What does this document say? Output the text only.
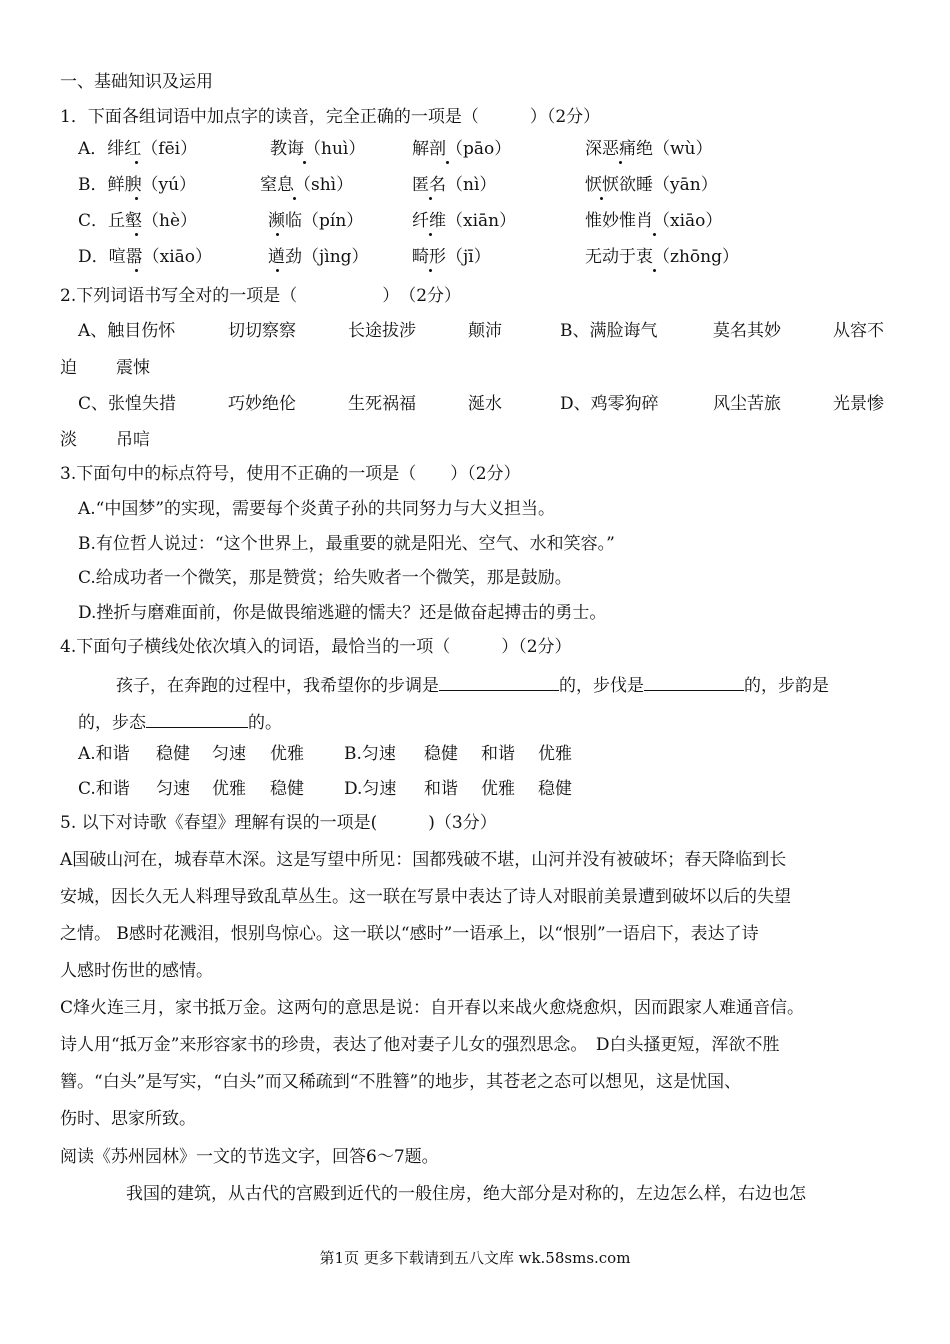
一、基础知识及运用
1．下面各组词语中加点字的读音，完全正确的一项是（　　　）（2分）
A．绯红（fēi）	教诲（huì）	解剖（pāo）	深恶痛绝（wù）
B．鲜腴（yú）	窒息（shì）	匿名（nì）	恹恹欲睡（yān）
C．丘壑（hè）	濒临（pín）	纤维（xiān）	惟妙惟肖（xiāo）
D．喧嚣（xiāo）	遒劲（jìng）	畸形（jī）	无动于衷（zhōng）
2.下列词语书写全对的一项是（　　　　　）　（2分）
A、触目伤怀	切切察察	长途拔涉	颠沛	B、满脸诲气	莫名其妙	从容不
迫 震悚
C、张惶失措	巧妙绝伦	生死祸福	涎水	D、鸡零狗碎	风尘苦旅	光景惨
淡 吊唁
3.下面句中的标点符号，使用不正确的一项是（　　）（2分）
A.“中国梦”的实现，需要每个炎黄子孙的共同努力与大义担当。
B.有位哲人说过：“这个世界上，最重要的就是阳光、空气、水和笑容。”
C.给成功者一个微笑，那是赞赏；给失败者一个微笑，那是鼓励。
D.挫折与磨难面前，你是做畏缩逃避的懦夫？还是做奋起搏击的勇士。
4.下面句子横线处依次填入的词语，最恰当的一项（　　　）（2分）
孩子，在奔跑的过程中，我希望你的步调是	的，步伐是	的，步韵是
的，步态	的。
A.和谐 稳健 匀速 优雅 B.匀速 稳健 和谐 优雅
C.和谐 匀速 优雅 稳健 D.匀速 和谐 优雅 稳健
5. 以下对诗歌《春望》理解有误的一项是(　　　)（3分）
A国破山河在，城春草木深。这是写望中所见：国都残破不堪，山河并没有被破坏；春天降临到长
安城，因长久无人料理导致乱草丛生。这一联在写景中表达了诗人对眼前美景遭到破坏以后的失望
之情。 B感时花溅泪，恨别鸟惊心。这一联以“感时”一语承上，以“恨别”一语启下，表达了诗
人感时伤世的感情。
C烽火连三月，家书抵万金。这两句的意思是说：自开春以来战火愈烧愈炽，因而跟家人难通音信。
诗人用“抵万金”来形容家书的珍贵，表达了他对妻子儿女的强烈思念。　D白头搔更短，浑欲不胜
簪。“白头”是写实，“白头”而又稀疏到“不胜簪”的地步，其苍老之态可以想见，这是忧国、
伤时、思家所致。
阅读《苏州园林》一文的节选文字，回答6～7题。
我国的建筑，从古代的宫殿到近代的一般住房，绝大部分是对称的，左边怎么样，右边也怎
第1页 更多下载请到五八文库 wk.58sms.com
